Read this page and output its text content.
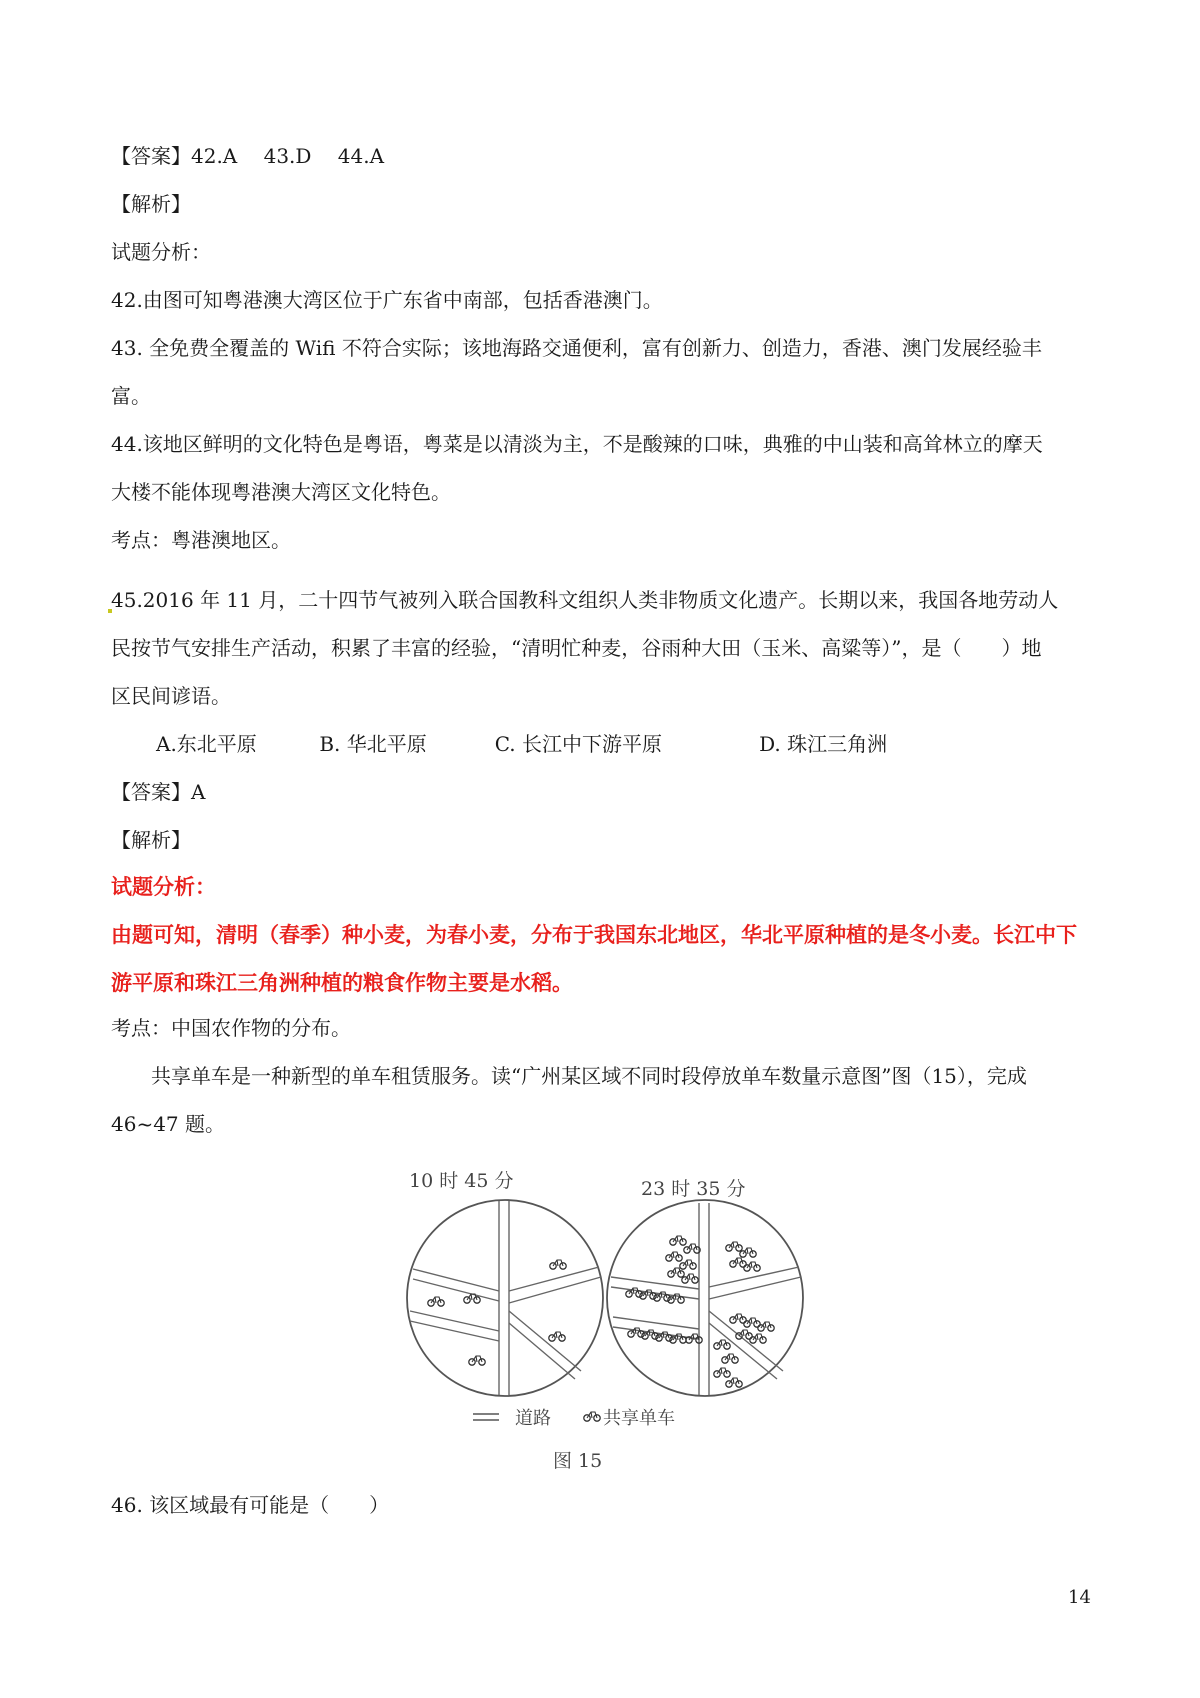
【答案】42.A　 43.D　 44.A
【解析】
试题分析：
42.由图可知粤港澳大湾区位于广东省中南部，包括香港澳门。
43. 全免费全覆盖的 Wifi 不符合实际；该地海路交通便利，富有创新力、创造力，香港、澳门发展经验丰
富。
44.该地区鲜明的文化特色是粤语，粤菜是以清淡为主，不是酸辣的口味，典雅的中山装和高耸林立的摩天
大楼不能体现粤港澳大湾区文化特色。
考点：粤港澳地区。
45.2016 年 11 月，二十四节气被列入联合国教科文组织人类非物质文化遗产。长期以来，我国各地劳动人
民按节气安排生产活动，积累了丰富的经验，“清明忙种麦，谷雨种大田（玉米、高粱等）”，是（　　）地
区民间谚语。
A.东北平原	B. 华北平原	C. 长江中下游平原	D. 珠江三角洲
【答案】A
【解析】
试题分析：
由题可知，清明（春季）种小麦，为春小麦，分布于我国东北地区，华北平原种植的是冬小麦。长江中下
游平原和珠江三角洲种植的粮食作物主要是水稻。
考点：中国农作物的分布。
　　共享单车是一种新型的单车租赁服务。读“广州某区域不同时段停放单车数量示意图”图（15），完成
46~47 题。
10 时 45 分	23 时 35 分
道路	共享单车
图 15
46. 该区域最有可能是（　　）
14
